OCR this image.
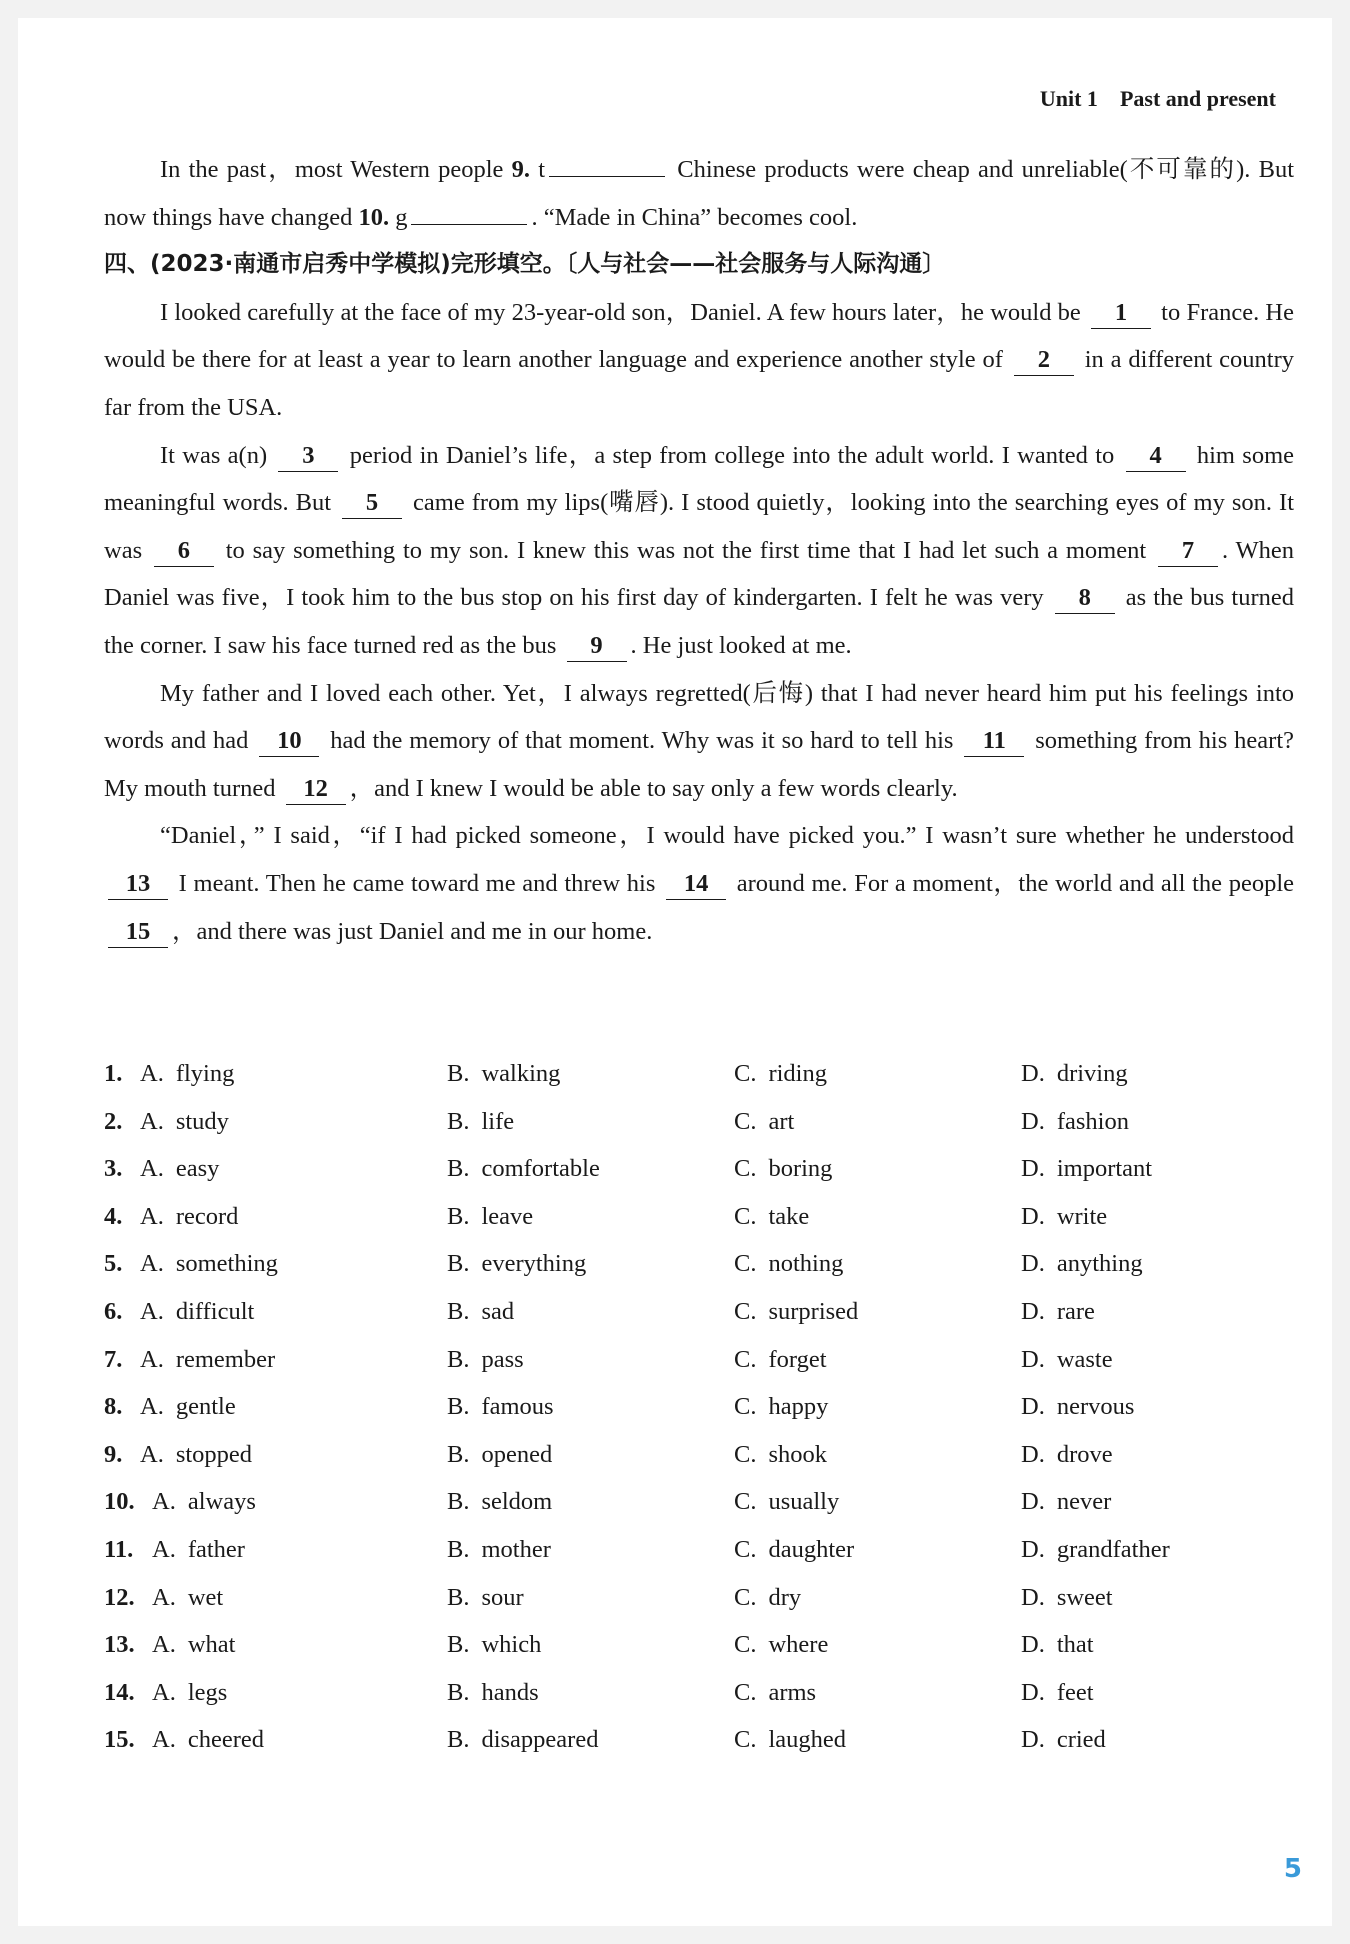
Unit 1 Past and present

In the past，most Western people 9. t	Chinese products were cheap and unreliable(不可靠的). But now things have changed 10. g	. “Made in China” becomes cool.

四、(2023·南通市启秀中学模拟)完形填空。〔人与社会——社会服务与人际沟通〕

I looked carefully at the face of my 23-year-old son，Daniel. A few hours later，he would be 1 to France. He would be there for at least a year to learn another language and experience another style of 2 in a different country far from the USA.

It was a(n) 3 period in Daniel’s life，a step from college into the adult world. I wanted to 4 him some meaningful words. But 5 came from my lips(嘴唇). I stood quietly，looking into the searching eyes of my son. It was 6 to say something to my son. I knew this was not the first time that I had let such a moment 7 . When Daniel was five，I took him to the bus stop on his first day of kindergarten. I felt he was very 8 as the bus turned the corner. I saw his face turned red as the bus 9 . He just looked at me.

My father and I loved each other. Yet，I always regretted(后悔) that I had never heard him put his feelings into words and had 10 had the memory of that moment. Why was it so hard to tell his 11 something from his heart? My mouth turned 12 ，and I knew I would be able to say only a few words clearly.

“Daniel，” I said，“if I had picked someone，I would have picked you.” I wasn’t sure whether he understood 13 I meant. Then he came toward me and threw his 14 around me. For a moment，the world and all the people 15 ，and there was just Daniel and me in our home.

1. A. flying	B. walking	C. riding	D. driving
2. A. study	B. life	C. art	D. fashion
3. A. easy	B. comfortable	C. boring	D. important
4. A. record	B. leave	C. take	D. write
5. A. something	B. everything	C. nothing	D. anything
6. A. difficult	B. sad	C. surprised	D. rare
7. A. remember	B. pass	C. forget	D. waste
8. A. gentle	B. famous	C. happy	D. nervous
9. A. stopped	B. opened	C. shook	D. drove
10. A. always	B. seldom	C. usually	D. never
11. A. father	B. mother	C. daughter	D. grandfather
12. A. wet	B. sour	C. dry	D. sweet
13. A. what	B. which	C. where	D. that
14. A. legs	B. hands	C. arms	D. feet
15. A. cheered	B. disappeared	C. laughed	D. cried
5
